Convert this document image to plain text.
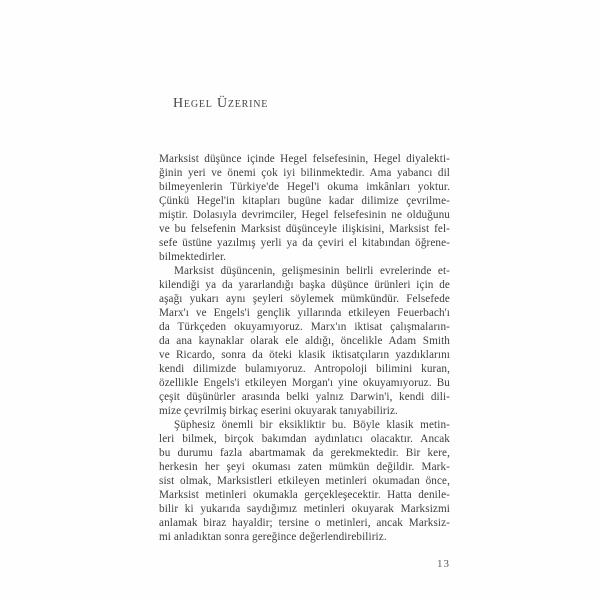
Hegel Üzerine
Marksist düşünce içinde Hegel felsefesinin, Hegel diyalekti-
ğinin yeri ve önemi çok iyi bilinmektedir. Ama yabancı dil
bilmeyenlerin Türkiye'de Hegel'i okuma imkânları yoktur.
Çünkü Hegel'in kitapları bugüne kadar dilimize çevrilme-
miştir. Dolasıyla devrimciler, Hegel felsefesinin ne olduğunu
ve bu felsefenin Marksist düşünceyle ilişkisini, Marksist fel-
sefe üstüne yazılmış yerli ya da çeviri el kitabından öğrene-
bilmektedirler.
Marksist düşüncenin, gelişmesinin belirli evrelerinde et-
kilendiği ya da yararlandığı başka düşünce ürünleri için de
aşağı yukarı aynı şeyleri söylemek mümkündür. Felsefede
Marx'ı ve Engels'i gençlik yıllarında etkileyen Feuerbach'ı
da Türkçeden okuyamıyoruz. Marx'ın iktisat çalışmaların-
da ana kaynaklar olarak ele aldığı, öncelikle Adam Smith
ve Ricardo, sonra da öteki klasik iktisatçıların yazdıklarını
kendi dilimizde bulamıyoruz. Antropoloji bilimini kuran,
özellikle Engels'i etkileyen Morgan'ı yine okuyamıyoruz. Bu
çeşit düşünürler arasında belki yalnız Darwin'i, kendi dili-
mize çevrilmiş birkaç eserini okuyarak tanıyabiliriz.
Şüphesiz önemli bir eksikliktir bu. Böyle klasik metin-
leri bilmek, birçok bakımdan aydınlatıcı olacaktır. Ancak
bu durumu fazla abartmamak da gerekmektedir. Bir kere,
herkesin her şeyi okuması zaten mümkün değildir. Mark-
sist olmak, Marksistleri etkileyen metinleri okumadan önce,
Marksist metinleri okumakla gerçekleşecektir. Hatta denile-
bilir ki yukarıda saydığımız metinleri okuyarak Marksizmi
anlamak biraz hayaldir; tersine o metinleri, ancak Marksiz-
mi anladıktan sonra gereğince değerlendirebiliriz.
13
